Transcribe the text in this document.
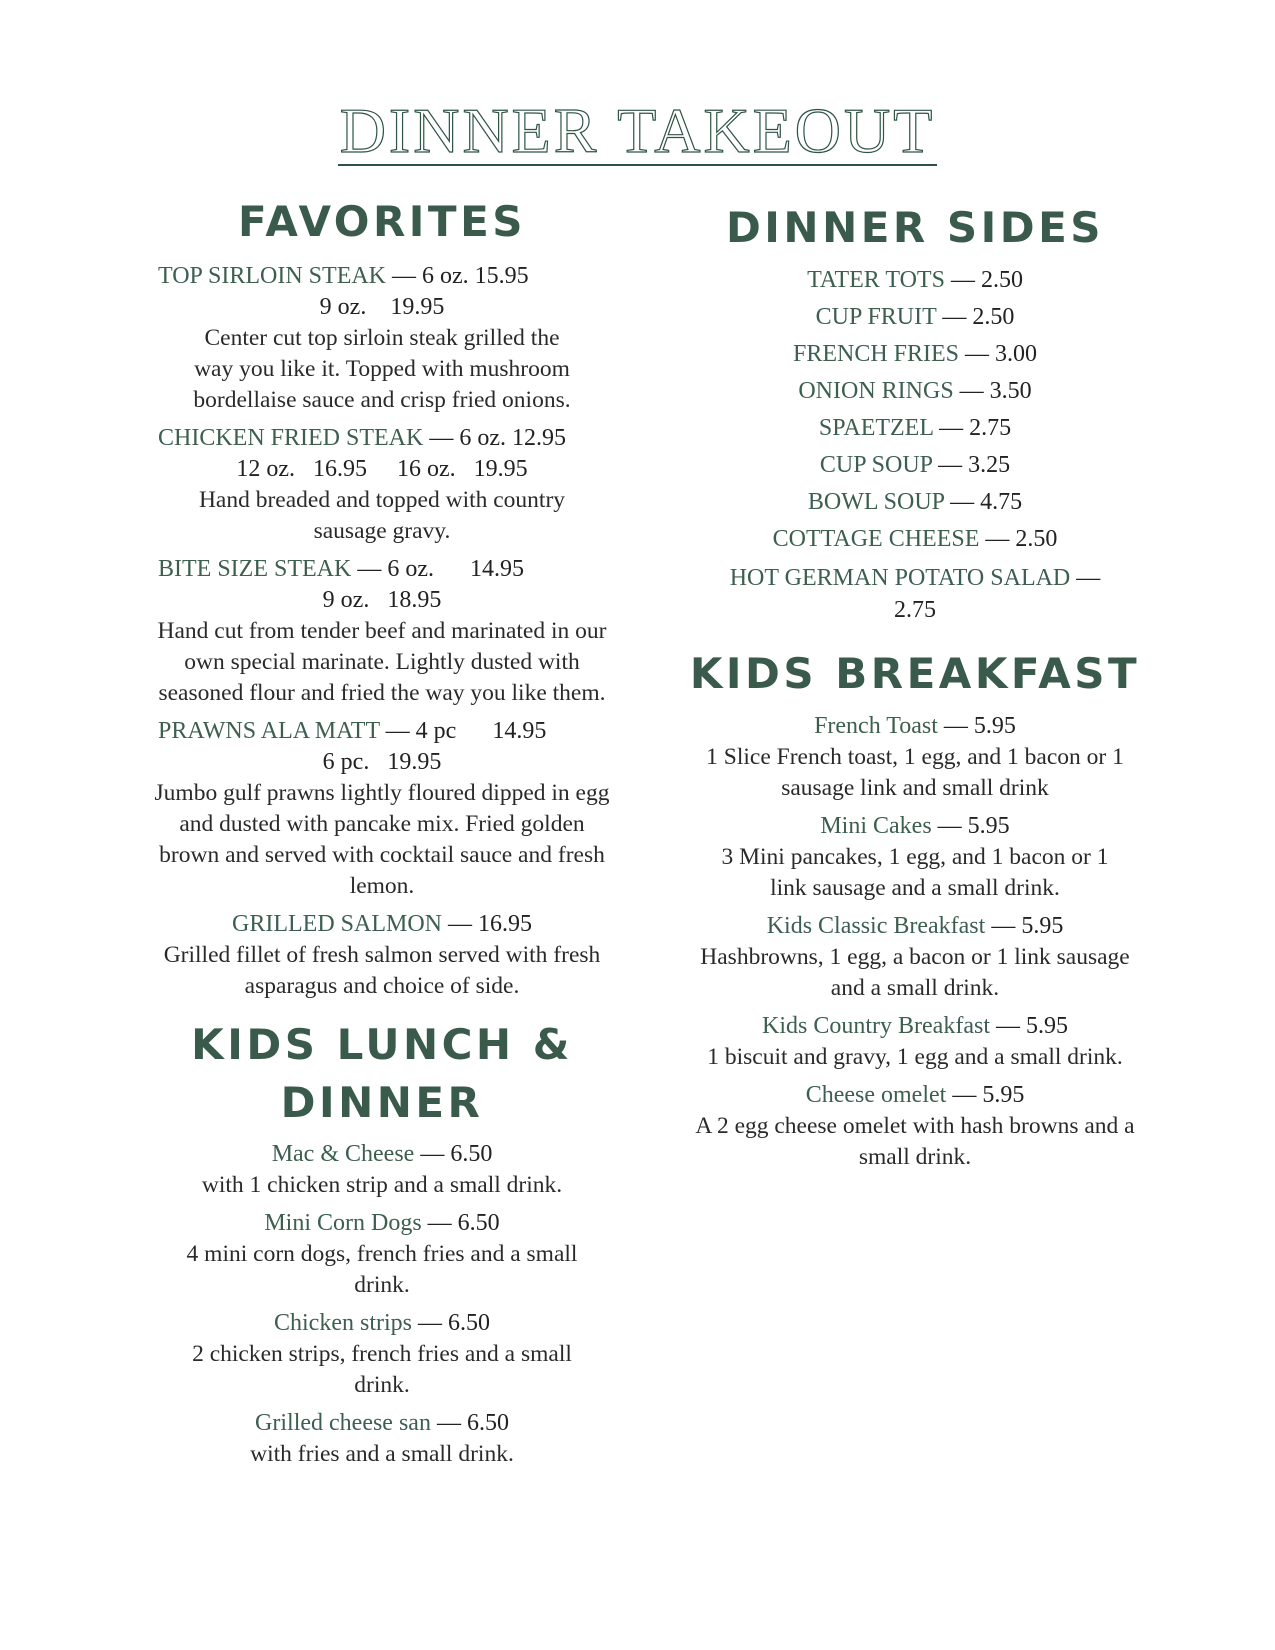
DINNER TAKEOUT
FAVORITES
TOP SIRLOIN STEAK — 6 oz. 15.95
9 oz.    19.95
Center cut top sirloin steak grilled the way you like it. Topped with mushroom bordellaise sauce and crisp fried onions.
CHICKEN FRIED STEAK — 6 oz. 12.95
12 oz.   16.95     16 oz.   19.95
Hand breaded and topped with country sausage gravy.
BITE SIZE STEAK — 6 oz.      14.95
9 oz.   18.95
Hand cut from tender beef and marinated in our own special marinate. Lightly dusted with seasoned flour and fried the way you like them.
PRAWNS ALA MATT — 4 pc      14.95
6 pc.   19.95
Jumbo gulf prawns lightly floured dipped in egg and dusted with pancake mix. Fried golden brown and served with cocktail sauce and fresh lemon.
GRILLED SALMON — 16.95
Grilled fillet of fresh salmon served with fresh asparagus and choice of side.
KIDS LUNCH &
DINNER
Mac & Cheese — 6.50
with 1 chicken strip and a small drink.
Mini Corn Dogs — 6.50
4 mini corn dogs, french fries and a small drink.
Chicken strips — 6.50
2 chicken strips, french fries and a small drink.
Grilled cheese san — 6.50
with fries and a small drink.
DINNER SIDES
TATER TOTS — 2.50
CUP FRUIT — 2.50
FRENCH FRIES — 3.00
ONION RINGS — 3.50
SPAETZEL — 2.75
CUP SOUP — 3.25
BOWL SOUP — 4.75
COTTAGE CHEESE — 2.50
HOT GERMAN POTATO SALAD —
2.75
KIDS BREAKFAST
French Toast — 5.95
1 Slice French toast, 1 egg, and 1 bacon or 1 sausage link and small drink
Mini Cakes — 5.95
3 Mini pancakes, 1 egg, and 1 bacon or 1 link sausage and a small drink.
Kids Classic Breakfast — 5.95
Hashbrowns, 1 egg, a bacon or 1 link sausage and a small drink.
Kids Country Breakfast — 5.95
1 biscuit and gravy, 1 egg and a small drink.
Cheese omelet — 5.95
A 2 egg cheese omelet with hash browns and a small drink.
